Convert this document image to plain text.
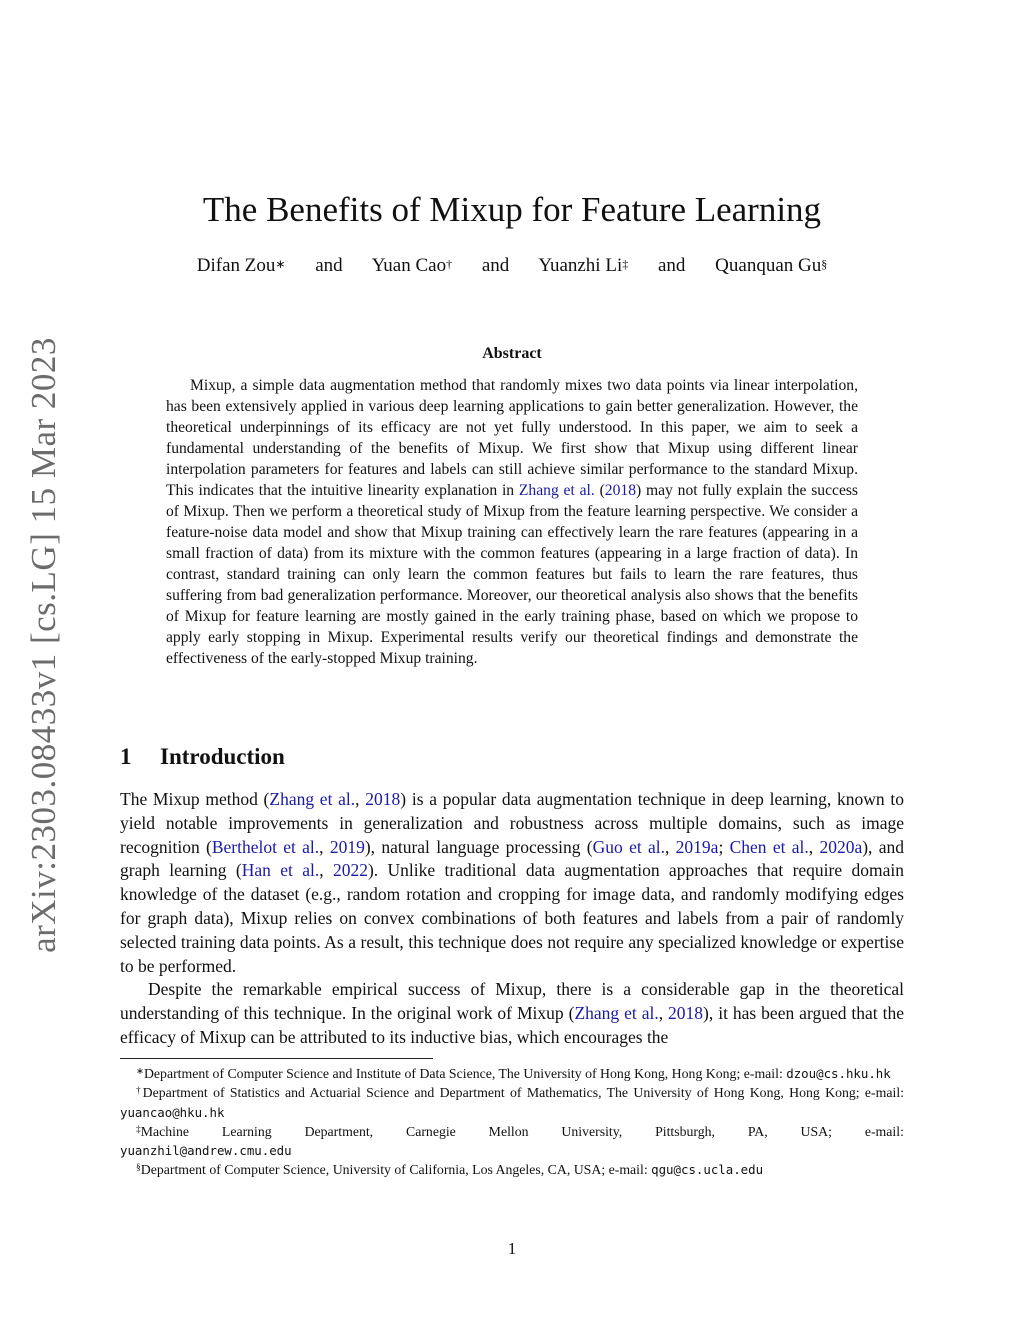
arXiv:2303.08433v1 [cs.LG] 15 Mar 2023
The Benefits of Mixup for Feature Learning
Difan Zou∗ and Yuan Cao† and Yuanzhi Li‡ and Quanquan Gu§
Abstract

Mixup, a simple data augmentation method that randomly mixes two data points via linear interpolation, has been extensively applied in various deep learning applications to gain better generalization. However, the theoretical underpinnings of its efficacy are not yet fully understood. In this paper, we aim to seek a fundamental understanding of the benefits of Mixup. We first show that Mixup using different linear interpolation parameters for features and labels can still achieve similar performance to the standard Mixup. This indicates that the intuitive linearity explanation in Zhang et al. (2018) may not fully explain the success of Mixup. Then we perform a theoretical study of Mixup from the feature learning perspective. We consider a feature-noise data model and show that Mixup training can effectively learn the rare features (appearing in a small fraction of data) from its mixture with the common features (appearing in a large fraction of data). In contrast, standard training can only learn the common features but fails to learn the rare features, thus suffering from bad generalization performance. Moreover, our theoretical analysis also shows that the benefits of Mixup for feature learning are mostly gained in the early training phase, based on which we propose to apply early stopping in Mixup. Experimental results verify our theoretical findings and demonstrate the effectiveness of the early-stopped Mixup training.

1 Introduction

The Mixup method (Zhang et al., 2018) is a popular data augmentation technique in deep learning, known to yield notable improvements in generalization and robustness across multiple domains, such as image recognition (Berthelot et al., 2019), natural language processing (Guo et al., 2019a; Chen et al., 2020a), and graph learning (Han et al., 2022). Unlike traditional data augmentation approaches that require domain knowledge of the dataset (e.g., random rotation and cropping for image data, and randomly modifying edges for graph data), Mixup relies on convex combinations of both features and labels from a pair of randomly selected training data points. As a result, this technique does not require any specialized knowledge or expertise to be performed.

Despite the remarkable empirical success of Mixup, there is a considerable gap in the theoretical understanding of this technique. In the original work of Mixup (Zhang et al., 2018), it has been argued that the efficacy of Mixup can be attributed to its inductive bias, which encourages the

∗Department of Computer Science and Institute of Data Science, The University of Hong Kong, Hong Kong; e-mail: dzou@cs.hku.hk

†Department of Statistics and Actuarial Science and Department of Mathematics, The University of Hong Kong, Hong Kong; e-mail: yuancao@hku.hk

‡Machine Learning Department, Carnegie Mellon University, Pittsburgh, PA, USA; e-mail:
yuanzhil@andrew.cmu.edu

§Department of Computer Science, University of California, Los Angeles, CA, USA; e-mail: qgu@cs.ucla.edu

1
